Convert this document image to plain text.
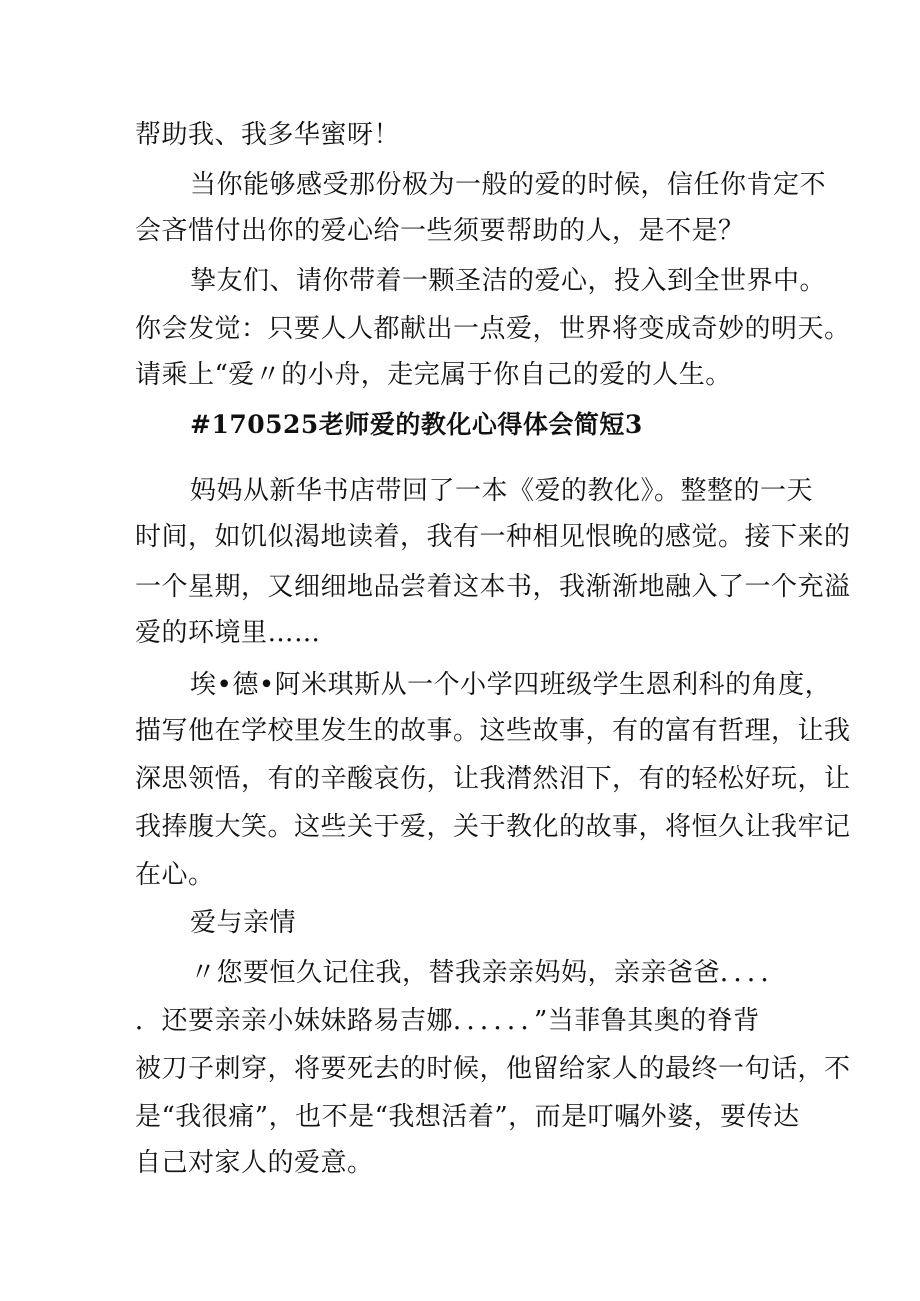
帮助我、我多华蜜呀！
当你能够感受那份极为一般的爱的时候，信任你肯定不
会吝惜付出你的爱心给一些须要帮助的人，是不是？
挚友们、请你带着一颗圣洁的爱心，投入到全世界中。
你会发觉：只要人人都献出一点爱，世界将变成奇妙的明天。
请乘上“爱〃的小舟，走完属于你自己的爱的人生。
#170525老师爱的教化心得体会简短3
妈妈从新华书店带回了一本《爱的教化》。整整的一天
时间，如饥似渴地读着，我有一种相见恨晚的感觉。接下来的
一个星期，又细细地品尝着这本书，我渐渐地融入了一个充溢
爱的环境里……
埃•德•阿米琪斯从一个小学四班级学生恩利科的角度，
描写他在学校里发生的故事。这些故事，有的富有哲理，让我
深思领悟，有的辛酸哀伤，让我潸然泪下，有的轻松好玩，让
我捧腹大笑。这些关于爱，关于教化的故事，将恒久让我牢记
在心。
爱与亲情
〃您要恒久记住我，替我亲亲妈妈，亲亲爸爸．．．．
．还要亲亲小妹妹路易吉娜．．．．．．”当菲鲁其奥的脊背
被刀子刺穿，将要死去的时候，他留给家人的最终一句话，不
是“我很痛”，也不是“我想活着”，而是叮嘱外婆，要传达
自己对家人的爱意。
